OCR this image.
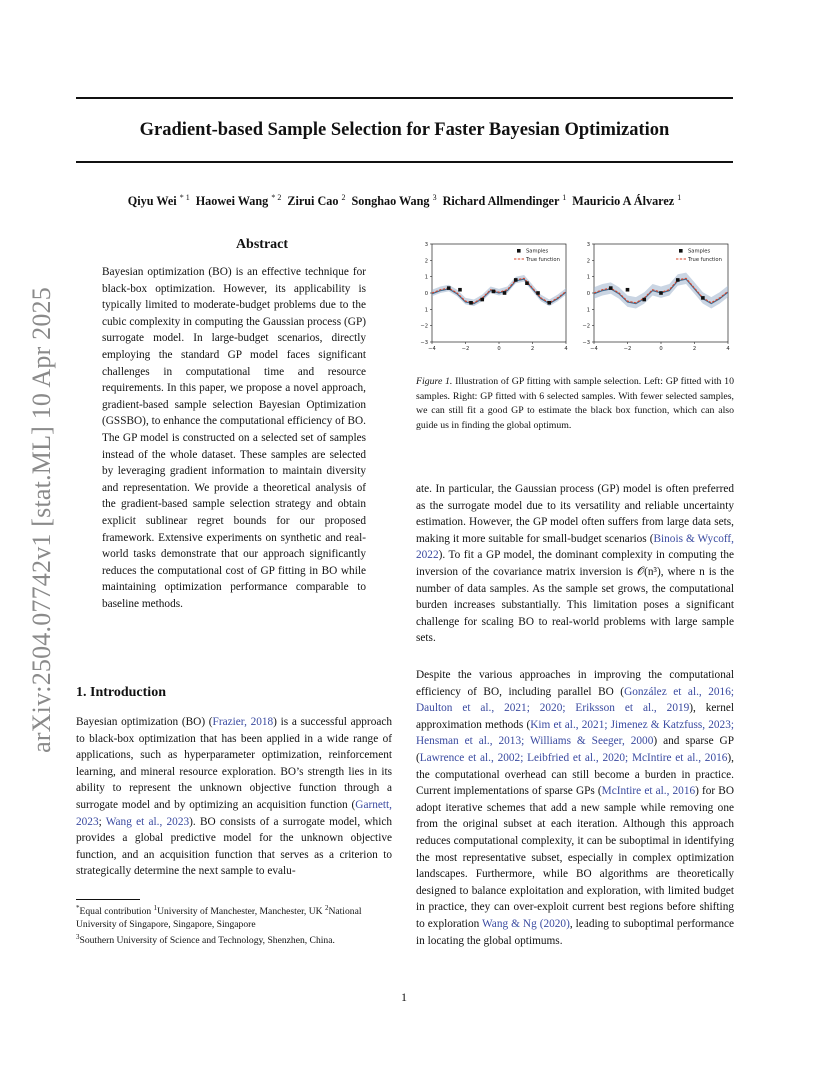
Gradient-based Sample Selection for Faster Bayesian Optimization
Qiyu Wei $^{* 1}$ Haowei Wang $^{* 2}$ Zirui Cao $^2$ Songhao Wang $^3$ Richard Allmendinger $^1$ Mauricio A Álvarez $^1$
arXiv:2504.07742v1 [stat.ML] 10 Apr 2025
Abstract

Bayesian optimization (BO) is an effective technique for black-box optimization. However, its applicability is typically limited to moderate-budget problems due to the cubic complexity in computing the Gaussian process (GP) surrogate model. In large-budget scenarios, directly employing the standard GP model faces significant challenges in computational time and resource requirements. In this paper, we propose a novel approach, gradient-based sample selection Bayesian Optimization (GSSBO), to enhance the computational efficiency of BO. The GP model is constructed on a selected set of samples instead of the whole dataset. These samples are selected by leveraging gradient information to maintain diversity and representation. We provide a theoretical analysis of the gradient-based sample selection strategy and obtain explicit sublinear regret bounds for our proposed framework. Extensive experiments on synthetic and real-world tasks demonstrate that our approach significantly reduces the computational cost of GP fitting in BO while maintaining optimization performance comparable to baseline methods.

1. Introduction

Bayesian optimization (BO) (Frazier, 2018) is a successful approach to black-box optimization that has been applied in a wide range of applications, such as hyperparameter optimization, reinforcement learning, and mineral resource exploration. BO’s strength lies in its ability to represent the unknown objective function through a surrogate model and by optimizing an acquisition function (Garnett, 2023; Wang et al., 2023). BO consists of a surrogate model, which provides a global predictive model for the unknown objective function, and an acquisition function that serves as a criterion to strategically determine the next sample to evalu-

*Equal contribution $^1$University of Manchester, Manchester, UK $^2$National University of Singapore, Singapore, Singapore
$^3$Southern University of Science and Technology, Shenzhen, China.
3
2
1
0
1
−2
−3
−4	−2	0	2	4
Samples
True function
3
2
1
0
1
−2
−3
−4	−2	0	2	4
Samples
True function

Figure 1. Illustration of GP fitting with sample selection. Left: GP fitted with 10 samples. Right: GP fitted with 6 selected samples. With fewer selected samples, we can still fit a good GP to estimate the black box function, which can also guide us in finding the global optimum.

ate. In particular, the Gaussian process (GP) model is often preferred as the surrogate model due to its versatility and reliable uncertainty estimation. However, the GP model often suffers from large data sets, making it more suitable for small-budget scenarios (Binois & Wycoff, 2022). To fit a GP model, the dominant complexity in computing the inversion of the covariance matrix inversion is 𝒪(n³), where n is the number of data samples. As the sample set grows, the computational burden increases substantially. This limitation poses a significant challenge for scaling BO to real-world problems with large sample sets.

Despite the various approaches in improving the computational efficiency of BO, including parallel BO (González et al., 2016; Daulton et al., 2021; 2020; Eriksson et al., 2019), kernel approximation methods (Kim et al., 2021; Jimenez & Katzfuss, 2023; Hensman et al., 2013; Williams & Seeger, 2000) and sparse GP (Lawrence et al., 2002; Leibfried et al., 2020; McIntire et al., 2016), the computational overhead can still become a burden in practice. Current implementations of sparse GPs (McIntire et al., 2016) for BO adopt iterative schemes that add a new sample while removing one from the original subset at each iteration. Although this approach reduces computational complexity, it can be suboptimal in identifying the most representative subset, especially in complex optimization landscapes. Furthermore, while BO algorithms are theoretically designed to balance exploitation and exploration, with limited budget in practice, they can over-exploit current best regions before shifting to exploration Wang & Ng (2020), leading to suboptimal performance in locating the global optimums.

1
